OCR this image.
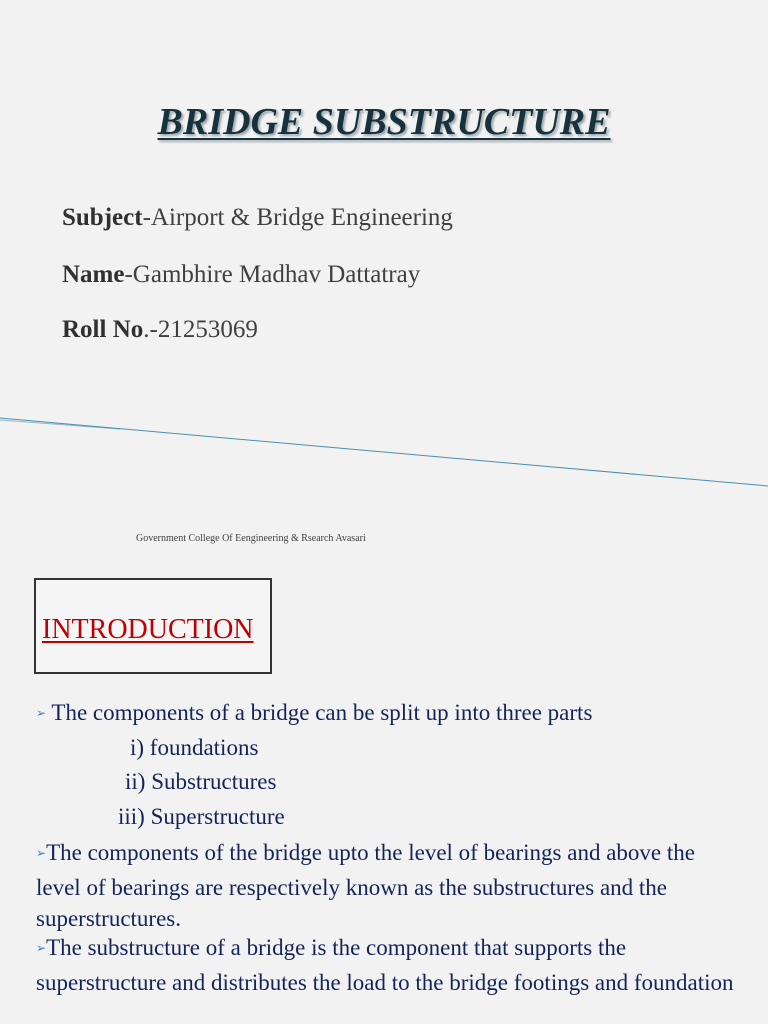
BRIDGE SUBSTRUCTURE
Subject-Airport & Bridge Engineering
Name-Gambhire Madhav Dattatray
Roll No.-21253069
Government College Of Eengineering & Rsearch Avasari
INTRODUCTION
➢ The components of a bridge can be split up into three parts
i) foundations
ii) Substructures
iii) Superstructure
➢The components of the bridge upto the level of bearings and above the level of bearings are respectively known as the substructures and the superstructures.
➢The substructure of a bridge is the component that supports the superstructure and distributes the load to the bridge footings and foundation
